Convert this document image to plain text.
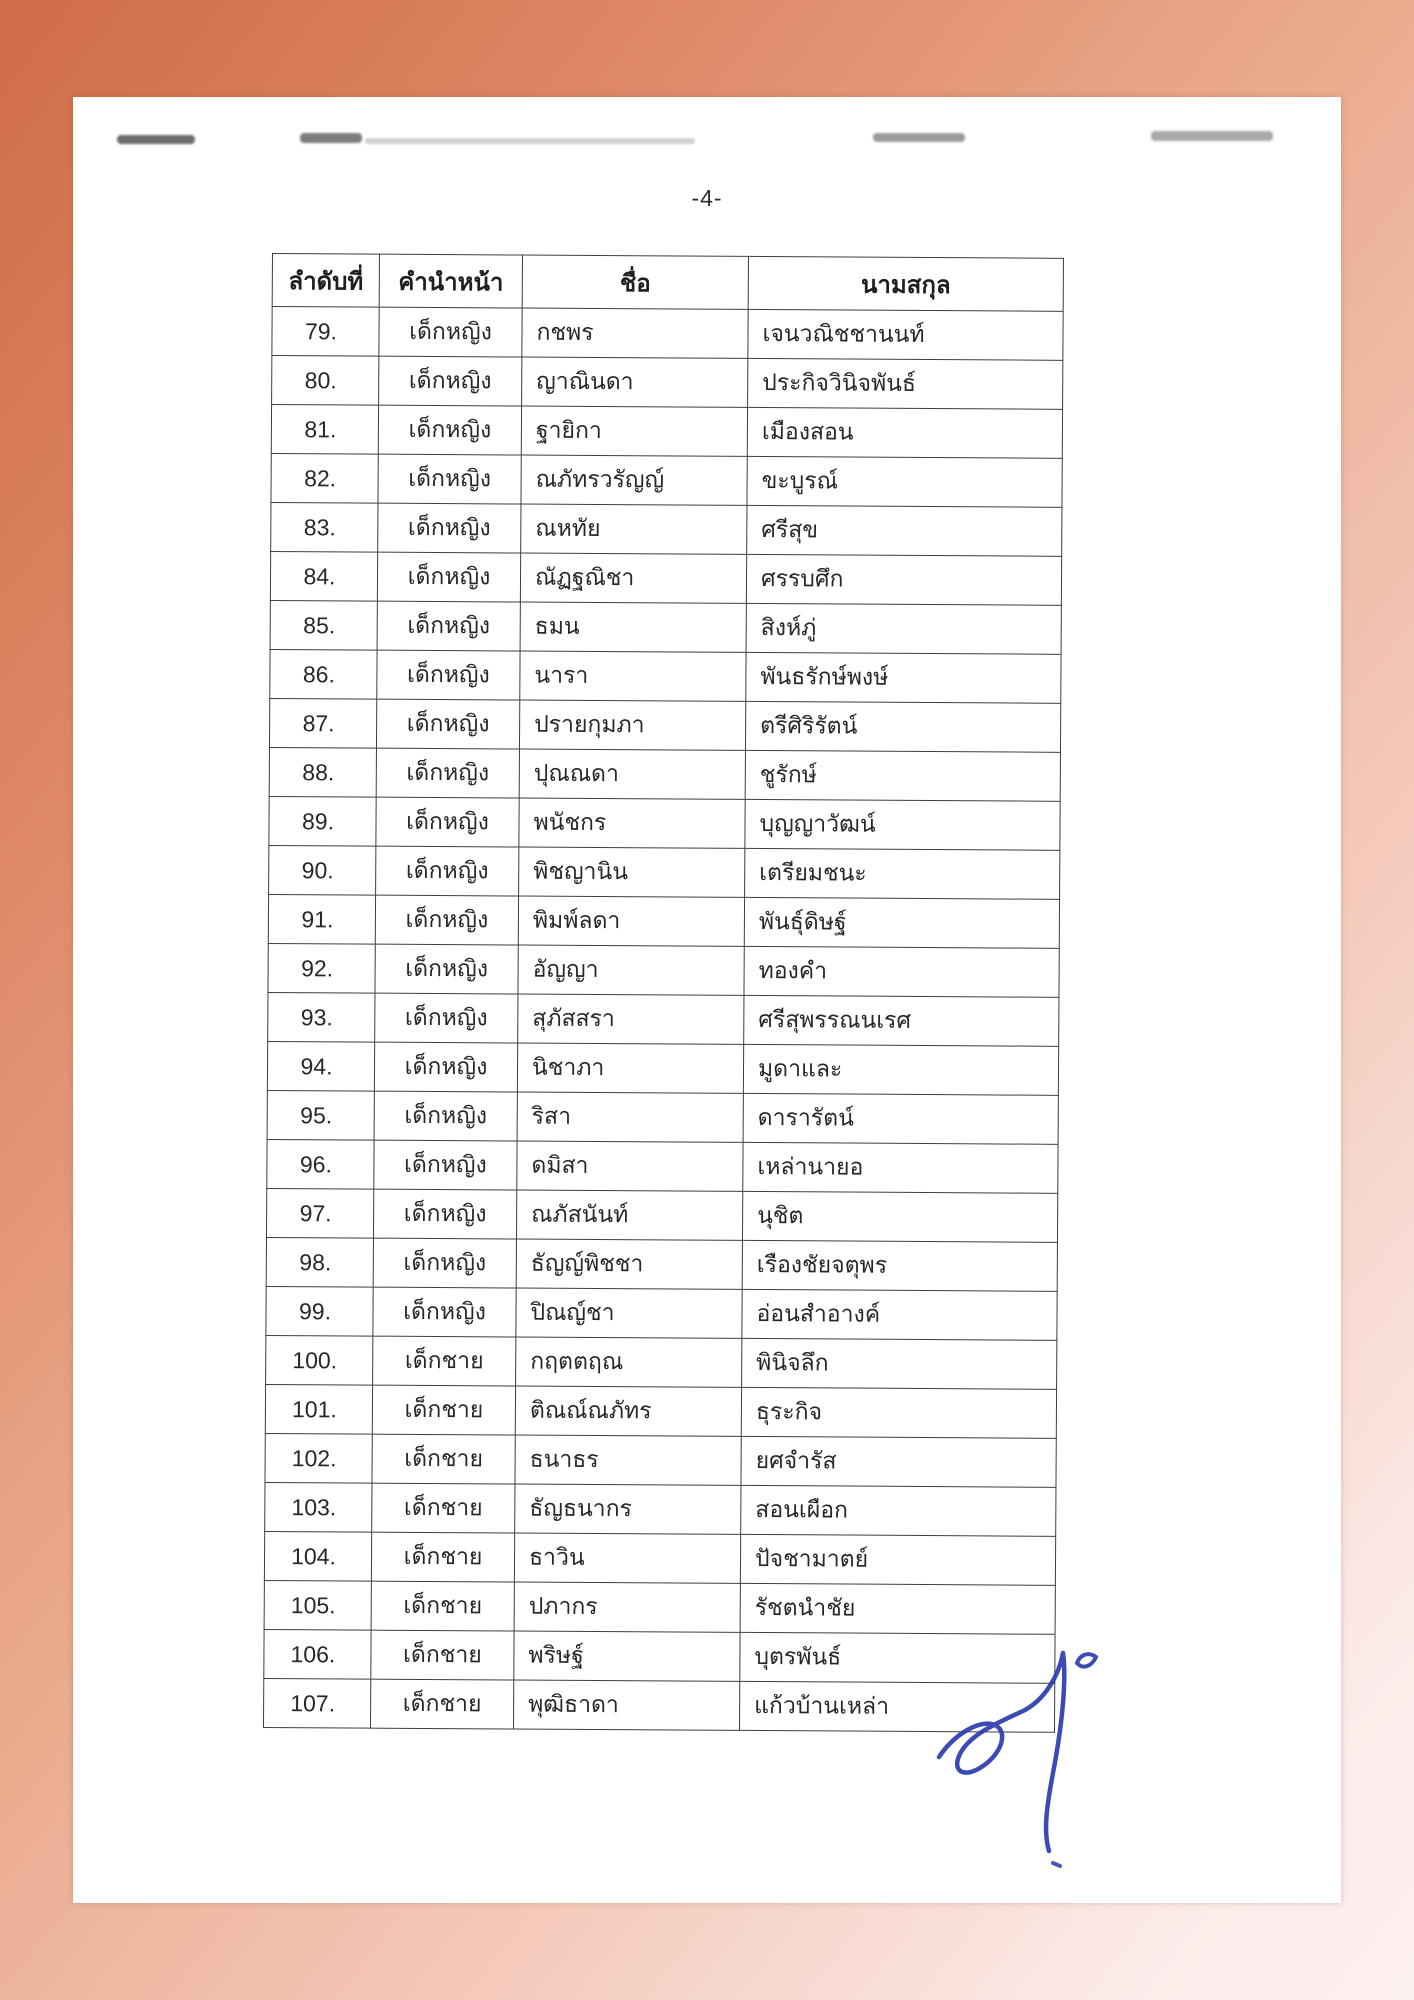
-4-
ลำดับที่	คำนำหน้า	ชื่อ	นามสกุล
79.	เด็กหญิง	กชพร	เจนวณิชชานนท์
80.	เด็กหญิง	ญาณินดา	ประกิจวินิจพันธ์
81.	เด็กหญิง	ฐายิกา	เมืองสอน
82.	เด็กหญิง	ณภัทรวรัญญ์	ขะบูรณ์
83.	เด็กหญิง	ณหทัย	ศรีสุข
84.	เด็กหญิง	ณัฏฐณิชา	ศรรบศึก
85.	เด็กหญิง	ธมน	สิงห์ภู่
86.	เด็กหญิง	นารา	พันธรักษ์พงษ์
87.	เด็กหญิง	ปรายกุมภา	ตรีศิริรัตน์
88.	เด็กหญิง	ปุณณดา	ชูรักษ์
89.	เด็กหญิง	พนัชกร	บุญญาวัฒน์
90.	เด็กหญิง	พิชญานิน	เตรียมชนะ
91.	เด็กหญิง	พิมพ์ลดา	พันธุ์ดิษฐ์
92.	เด็กหญิง	อัญญา	ทองคำ
93.	เด็กหญิง	สุภัสสรา	ศรีสุพรรณนเรศ
94.	เด็กหญิง	นิชาภา	มูดาและ
95.	เด็กหญิง	ริสา	ดารารัตน์
96.	เด็กหญิง	ดมิสา	เหล่านายอ
97.	เด็กหญิง	ณภัสนันท์	นุชิต
98.	เด็กหญิง	ธัญญ์พิชชา	เรืองชัยจตุพร
99.	เด็กหญิง	ปิณญ์ชา	อ่อนสำอางค์
100.	เด็กชาย	กฤตตฤณ	พินิจลึก
101.	เด็กชาย	ติณณ์ณภัทร	ธุระกิจ
102.	เด็กชาย	ธนาธร	ยศจำรัส
103.	เด็กชาย	ธัญธนากร	สอนเผือก
104.	เด็กชาย	ธาวิน	ปัจชามาตย์
105.	เด็กชาย	ปภากร	รัชตนำชัย
106.	เด็กชาย	พริษฐ์	บุตรพันธ์
107.	เด็กชาย	พุฒิธาดา	แก้วบ้านเหล่า
